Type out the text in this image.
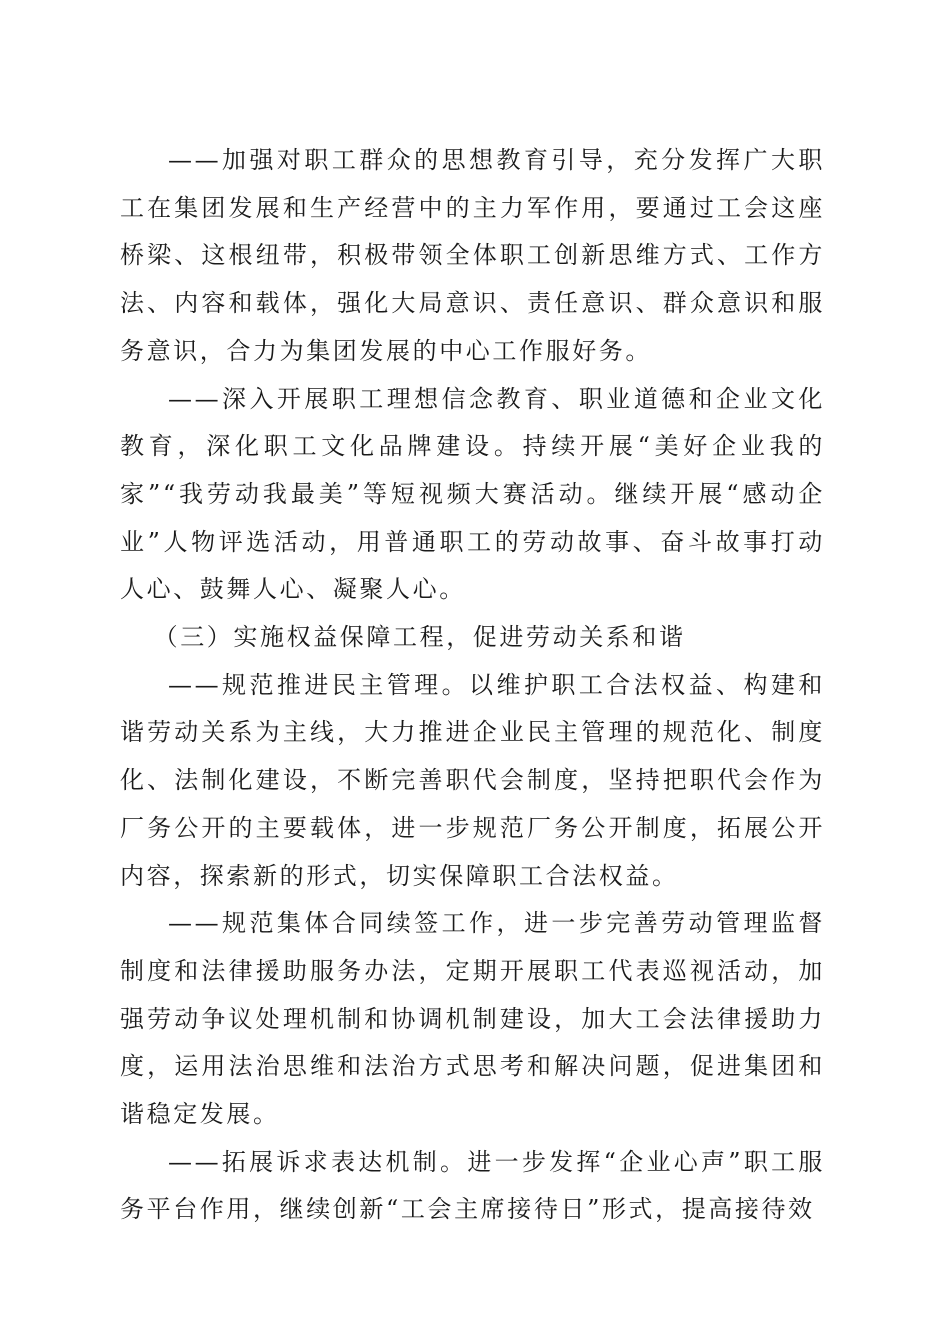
——加强对职工群众的思想教育引导，充分发挥广大职工在集团发展和生产经营中的主力军作用，要通过工会这座桥梁、这根纽带，积极带领全体职工创新思维方式、工作方法、内容和载体，强化大局意识、责任意识、群众意识和服务意识，合力为集团发展的中心工作服好务。

——深入开展职工理想信念教育、职业道德和企业文化教育，深化职工文化品牌建设。持续开展“美好企业我的家”“我劳动我最美”等短视频大赛活动。继续开展“感动企业”人物评选活动，用普通职工的劳动故事、奋斗故事打动人心、鼓舞人心、凝聚人心。

（三）实施权益保障工程，促进劳动关系和谐

——规范推进民主管理。以维护职工合法权益、构建和谐劳动关系为主线，大力推进企业民主管理的规范化、制度化、法制化建设，不断完善职代会制度，坚持把职代会作为厂务公开的主要载体，进一步规范厂务公开制度，拓展公开内容，探索新的形式，切实保障职工合法权益。

——规范集体合同续签工作，进一步完善劳动管理监督制度和法律援助服务办法，定期开展职工代表巡视活动，加强劳动争议处理机制和协调机制建设，加大工会法律援助力度，运用法治思维和法治方式思考和解决问题，促进集团和谐稳定发展。

——拓展诉求表达机制。进一步发挥“企业心声”职工服务平台作用，继续创新“工会主席接待日”形式，提高接待效
